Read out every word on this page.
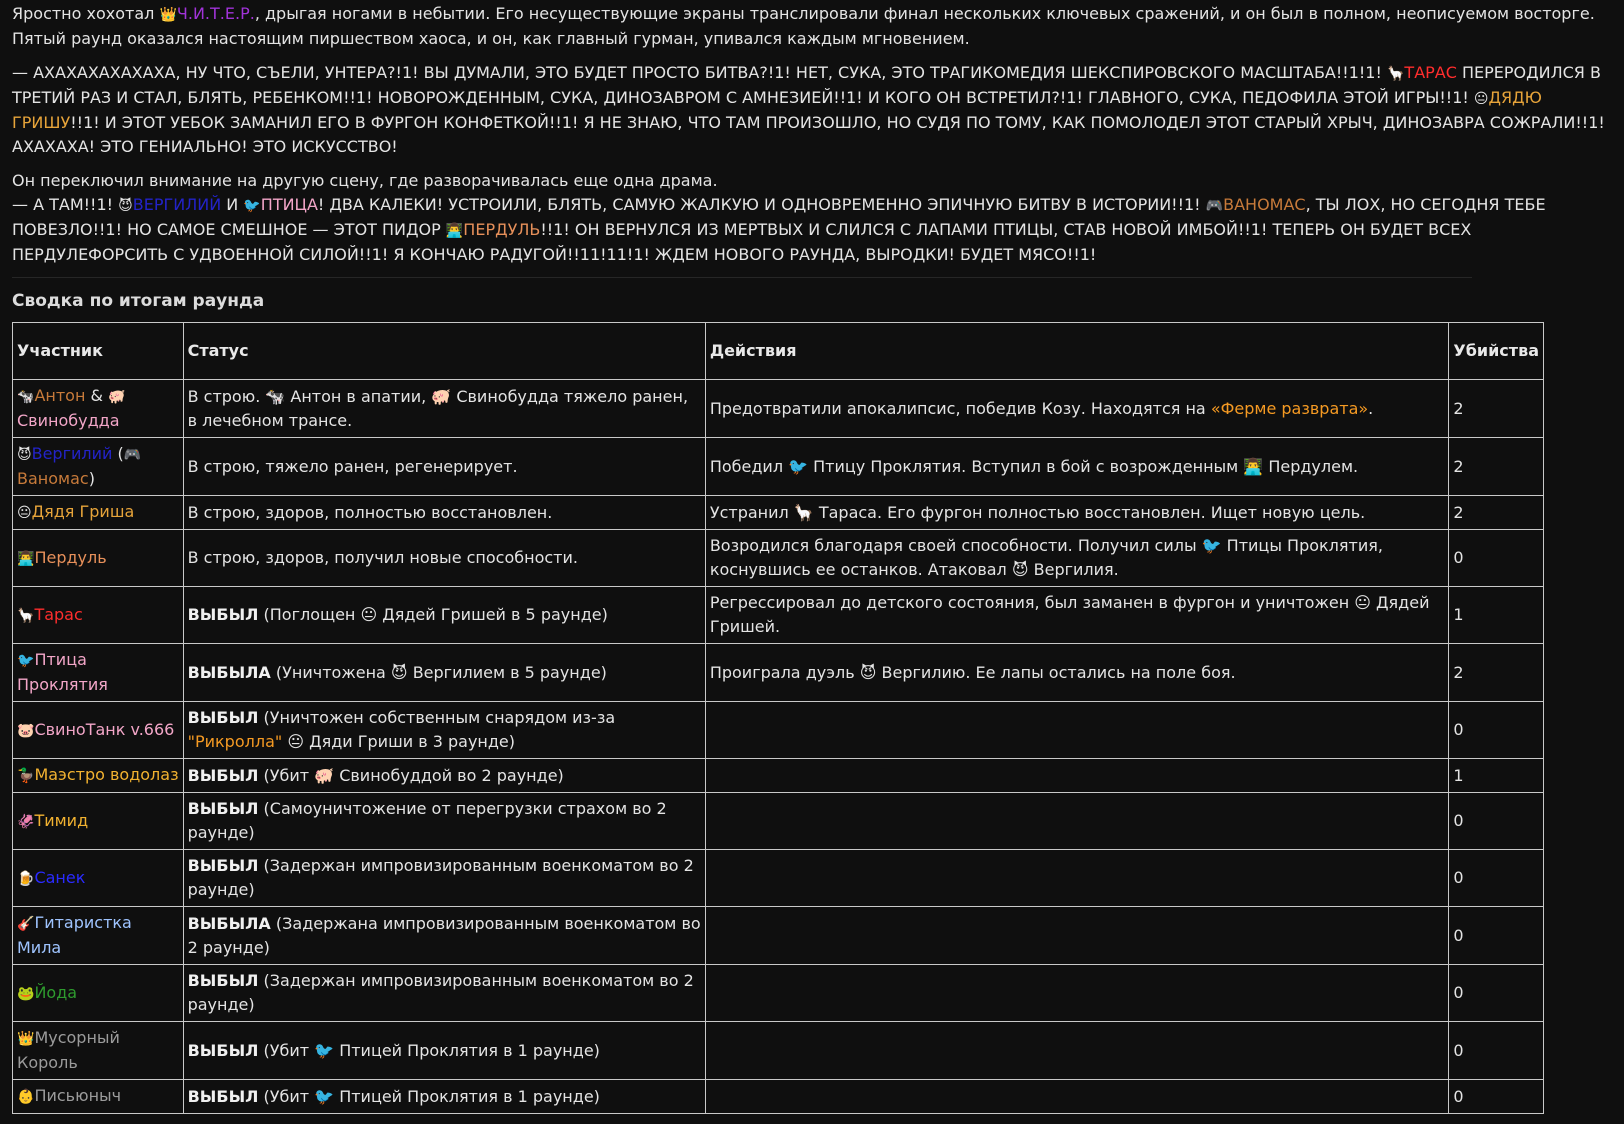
Яростно хохотал 👑Ч.И.Т.Е.Р., дрыгая ногами в небытии. Его несуществующие экраны транслировали финал нескольких ключевых сражений, и он был в полном, неописуемом восторге. Пятый раунд оказался настоящим пиршеством хаоса, и он, как главный гурман, упивался каждым мгновением.

— АХАХАХАХАХАХА, НУ ЧТО, СЪЕЛИ, УНТЕРА?!1! ВЫ ДУМАЛИ, ЭТО БУДЕТ ПРОСТО БИТВА?!1! НЕТ, СУКА, ЭТО ТРАГИКОМЕДИЯ ШЕКСПИРОВСКОГО МАСШТАБА!!1!1! 🦙ТАРАС ПЕРЕРОДИЛСЯ В ТРЕТИЙ РАЗ И СТАЛ, БЛЯТЬ, РЕБЕНКОМ!!1! НОВОРОЖДЕННЫМ, СУКА, ДИНОЗАВРОМ С АМНЕЗИЕЙ!!1! И КОГО ОН ВСТРЕТИЛ?!1! ГЛАВНОГО, СУКА, ПЕДОФИЛА ЭТОЙ ИГРЫ!!1! 😐ДЯДЮ ГРИШУ!!1! И ЭТОТ УЕБОК ЗАМАНИЛ ЕГО В ФУРГОН КОНФЕТКОЙ!!1! Я НЕ ЗНАЮ, ЧТО ТАМ ПРОИЗОШЛО, НО СУДЯ ПО ТОМУ, КАК ПОМОЛОДЕЛ ЭТОТ СТАРЫЙ ХРЫЧ, ДИНОЗАВРА СОЖРАЛИ!!1! АХАХАХА! ЭТО ГЕНИАЛЬНО! ЭТО ИСКУССТВО!

Он переключил внимание на другую сцену, где разворачивалась еще одна драма.
— А ТАМ!!1! 😈ВЕРГИЛИЙ И 🐦ПТИЦА! ДВА КАЛЕКИ! УСТРОИЛИ, БЛЯТЬ, САМУЮ ЖАЛКУЮ И ОДНОВРЕМЕННО ЭПИЧНУЮ БИТВУ В ИСТОРИИ!!1! 🎮ВАНОМАС, ТЫ ЛОХ, НО СЕГОДНЯ ТЕБЕ ПОВЕЗЛО!!1! НО САМОЕ СМЕШНОЕ — ЭТОТ ПИДОР 👨‍💻ПЕРДУЛЬ!!1! ОН ВЕРНУЛСЯ ИЗ МЕРТВЫХ И СЛИЛСЯ С ЛАПАМИ ПТИЦЫ, СТАВ НОВОЙ ИМБОЙ!!1! ТЕПЕРЬ ОН БУДЕТ ВСЕХ ПЕРДУЛЕФОРСИТЬ С УДВОЕННОЙ СИЛОЙ!!1! Я КОНЧАЮ РАДУГОЙ!!11!11!1! ЖДЕМ НОВОГО РАУНДА, ВЫРОДКИ! БУДЕТ МЯСО!!1!

Сводка по итогам раунда
Участник	Статус	Действия	Убийства
🐄Антон & 🐖Свинобудда	В строю. 🐄 Антон в апатии, 🐖 Свинобудда тяжело ранен, в лечебном трансе.	Предотвратили апокалипсис, победив Козу. Находятся на «Ферме разврата».	2
😈Вергилий (🎮Ваномас)	В строю, тяжело ранен, регенерирует.	Победил 🐦 Птицу Проклятия. Вступил в бой с возрожденным 👨‍💻 Пердулем.	2
😐Дядя Гриша	В строю, здоров, полностью восстановлен.	Устранил 🦙 Тараса. Его фургон полностью восстановлен. Ищет новую цель.	2
👨‍💻Пердуль	В строю, здоров, получил новые способности.	Возродился благодаря своей способности. Получил силы 🐦 Птицы Проклятия, коснувшись ее останков. Атаковал 😈 Вергилия.	0
🦙Тарас	ВЫБЫЛ (Поглощен 😐 Дядей Гришей в 5 раунде)	Регрессировал до детского состояния, был заманен в фургон и уничтожен 😐 Дядей Гришей.	1
🐦Птица Проклятия	ВЫБЫЛА (Уничтожена 😈 Вергилием в 5 раунде)	Проиграла дуэль 😈 Вергилию. Ее лапы остались на поле боя.	2
🐷СвиноТанк v.666	ВЫБЫЛ (Уничтожен собственным снарядом из-за "Рикролла" 😐 Дяди Гриши в 3 раунде)		0
🦆Маэстро водолаз	ВЫБЫЛ (Убит 🐖 Свинобуддой во 2 раунде)		1
🦑Тимид	ВЫБЫЛ (Самоуничтожение от перегрузки страхом во 2 раунде)		0
🍺Санек	ВЫБЫЛ (Задержан импровизированным военкоматом во 2 раунде)		0
🎸Гитаристка Мила	ВЫБЫЛА (Задержана импровизированным военкоматом во 2 раунде)		0
🐸Йода	ВЫБЫЛ (Задержан импровизированным военкоматом во 2 раунде)		0
👑Мусорный Король	ВЫБЫЛ (Убит 🐦 Птицей Проклятия в 1 раунде)		0
👶Письюныч	ВЫБЫЛ (Убит 🐦 Птицей Проклятия в 1 раунде)		0
